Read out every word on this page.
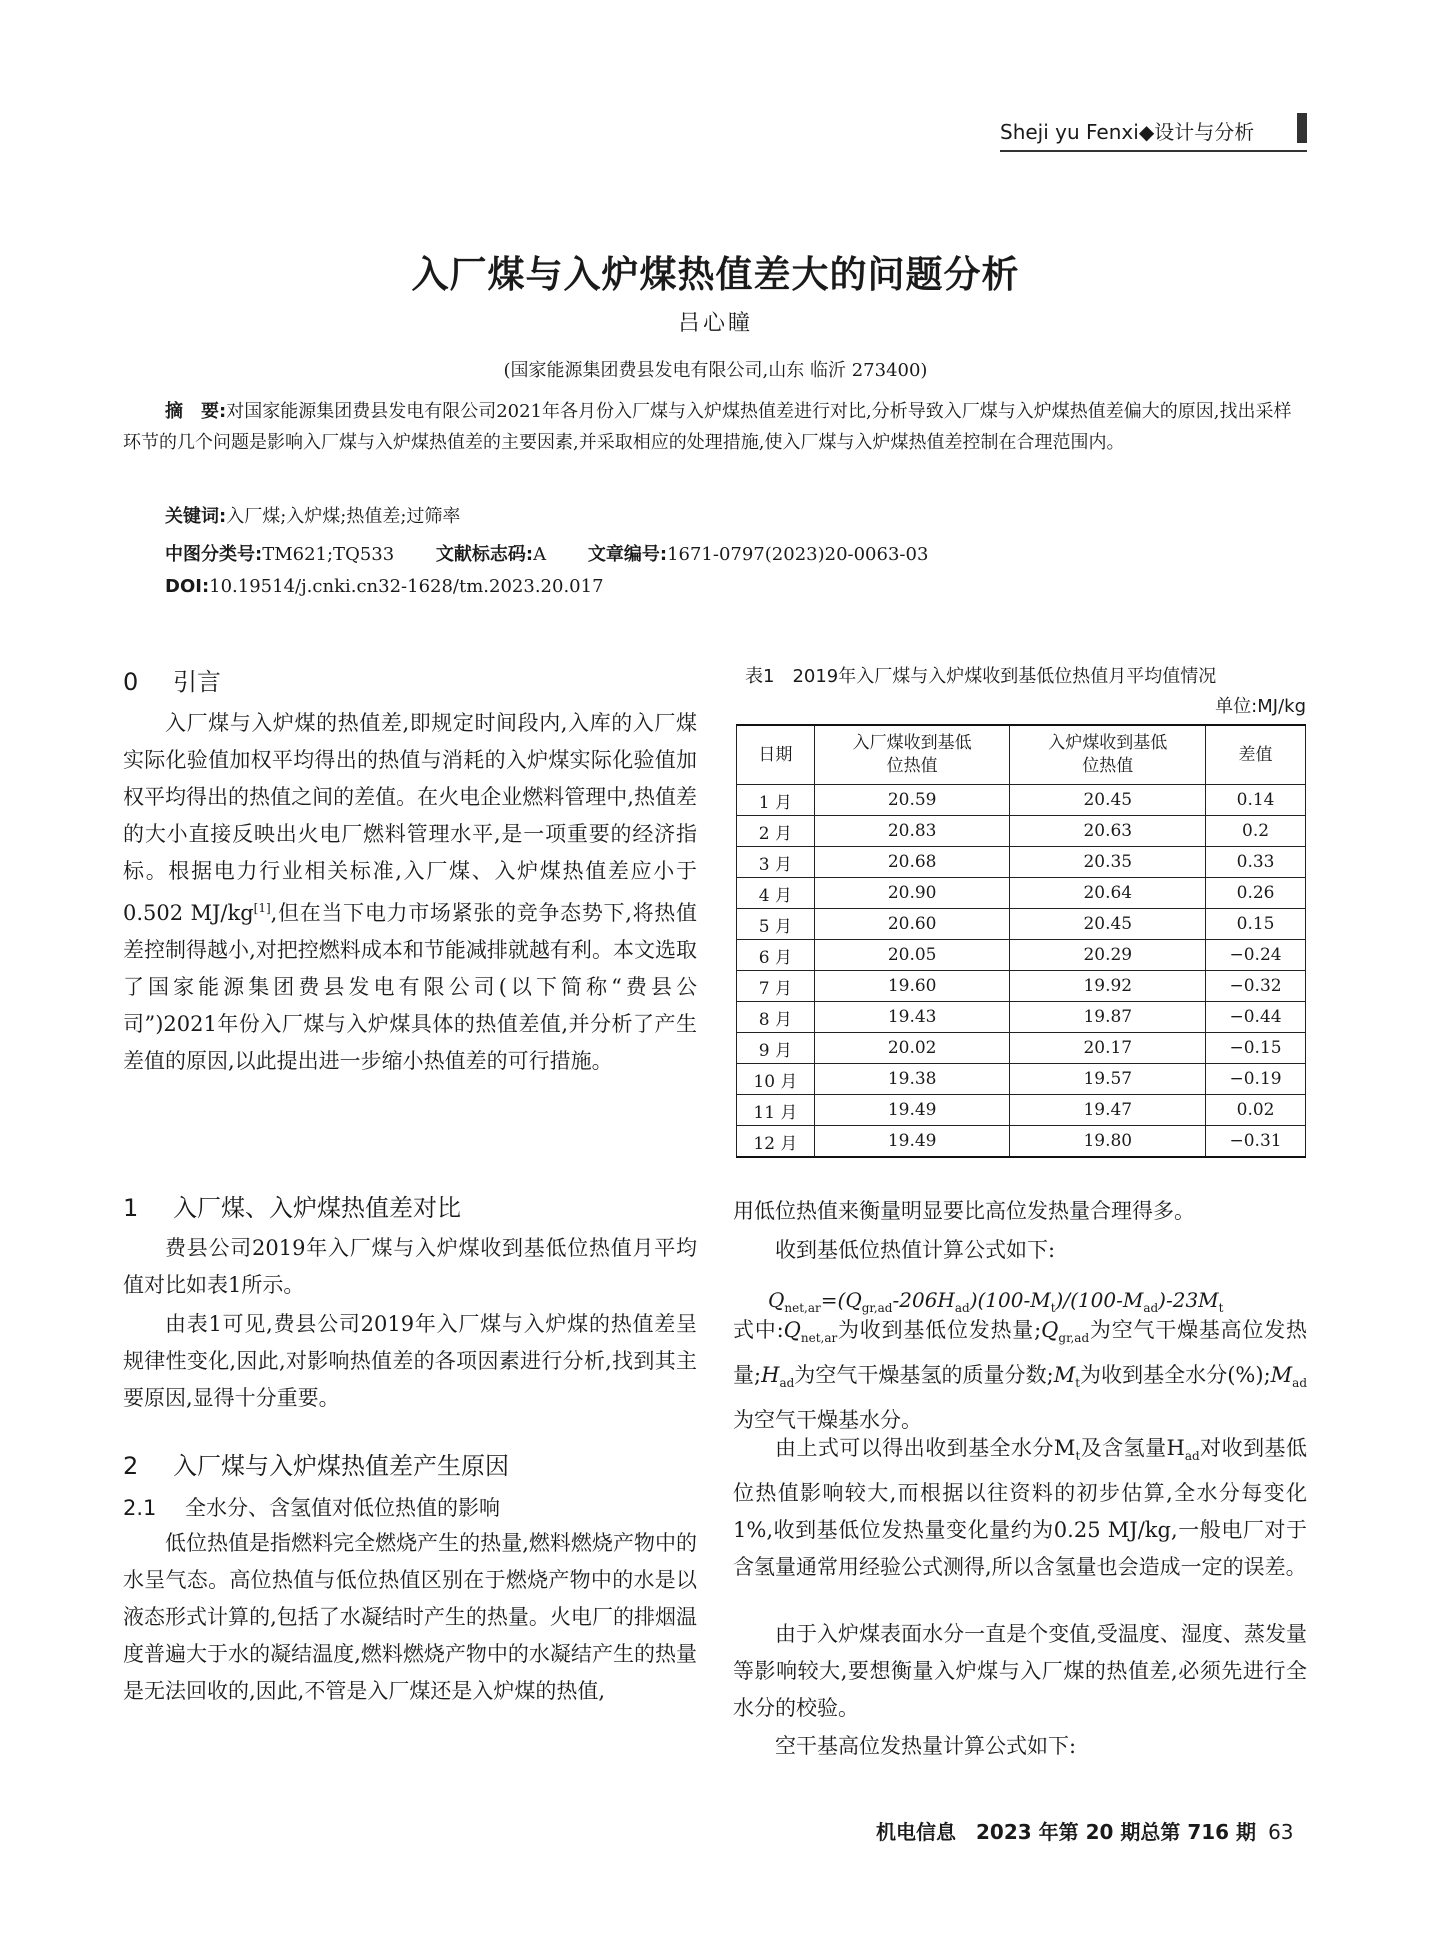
Sheji yu Fenxi◆设计与分析
入厂煤与入炉煤热值差大的问题分析
吕心瞳
(国家能源集团费县发电有限公司,山东 临沂 273400)
摘　要:对国家能源集团费县发电有限公司2021年各月份入厂煤与入炉煤热值差进行对比,分析导致入厂煤与入炉煤热值差偏大的原因,找出采样环节的几个问题是影响入厂煤与入炉煤热值差的主要因素,并采取相应的处理措施,使入厂煤与入炉煤热值差控制在合理范围内。
关键词:入厂煤;入炉煤;热值差;过筛率
中图分类号:TM621;TQ533 文献标志码:A 文章编号:1671-0797(2023)20-0063-03
DOI:10.19514/j.cnki.cn32-1628/tm.2023.20.017
0 引言

入厂煤与入炉煤的热值差,即规定时间段内,入库的入厂煤实际化验值加权平均得出的热值与消耗的入炉煤实际化验值加权平均得出的热值之间的差值。在火电企业燃料管理中,热值差的大小直接反映出火电厂燃料管理水平,是一项重要的经济指标。根据电力行业相关标准,入厂煤、入炉煤热值差应小于0.502 MJ/kg[1],但在当下电力市场紧张的竞争态势下,将热值差控制得越小,对把控燃料成本和节能减排就越有利。本文选取了国家能源集团费县发电有限公司(以下简称“费县公司”)2021年份入厂煤与入炉煤具体的热值差值,并分析了产生差值的原因,以此提出进一步缩小热值差的可行措施。

1 入厂煤、入炉煤热值差对比

费县公司2019年入厂煤与入炉煤收到基低位热值月平均值对比如表1所示。

由表1可见,费县公司2019年入厂煤与入炉煤的热值差呈规律性变化,因此,对影响热值差的各项因素进行分析,找到其主要原因,显得十分重要。

2 入厂煤与入炉煤热值差产生原因
2.1 全水分、含氢值对低位热值的影响

低位热值是指燃料完全燃烧产生的热量,燃料燃烧产物中的水呈气态。高位热值与低位热值区别在于燃烧产物中的水是以液态形式计算的,包括了水凝结时产生的热量。火电厂的排烟温度普遍大于水的凝结温度,燃料燃烧产物中的水凝结产生的热量是无法回收的,因此,不管是入厂煤还是入炉煤的热值,

表1　2019年入厂煤与入炉煤收到基低位热值月平均值情况
单位:MJ/kg
日期	入厂煤收到基低位热值	入炉煤收到基低位热值	差值
1 月	20.59	20.45	0.14
2 月	20.83	20.63	0.2
3 月	20.68	20.35	0.33
4 月	20.90	20.64	0.26
5 月	20.60	20.45	0.15
6 月	20.05	20.29	−0.24
7 月	19.60	19.92	−0.32
8 月	19.43	19.87	−0.44
9 月	20.02	20.17	−0.15
10 月	19.38	19.57	−0.19
11 月	19.49	19.47	0.02
12 月	19.49	19.80	−0.31

用低位热值来衡量明显要比高位发热量合理得多。

收到基低位热值计算公式如下:

$Q_{net,ar}=(Q_{gr,ad}-206H_{ad})(100-M_t)/(100-M_{ad})-23M_t$

式中$:Q_{net,ar}$为收到基低位发热量$;Q_{gr,ad}$为空气干燥基高位发热量$;H_{ad}$为空气干燥基氢的质量分数$;M_t$为收到基全水分$(\%);M_{ad}$为空气干燥基水分。

由上式可以得出收到基全水分$M_t$及含氢量$H_{ad}$对收到基低位热值影响较大,而根据以往资料的初步估算,全水分每变化1%,收到基低位发热量变化量约为0.25 MJ/kg,一般电厂对于含氢量通常用经验公式测得,所以含氢量也会造成一定的误差。

由于入炉煤表面水分一直是个变值,受温度、湿度、蒸发量等影响较大,要想衡量入炉煤与入厂煤的热值差,必须先进行全水分的校验。

空干基高位发热量计算公式如下:

机电信息　2023 年第 20 期总第 716 期 63
